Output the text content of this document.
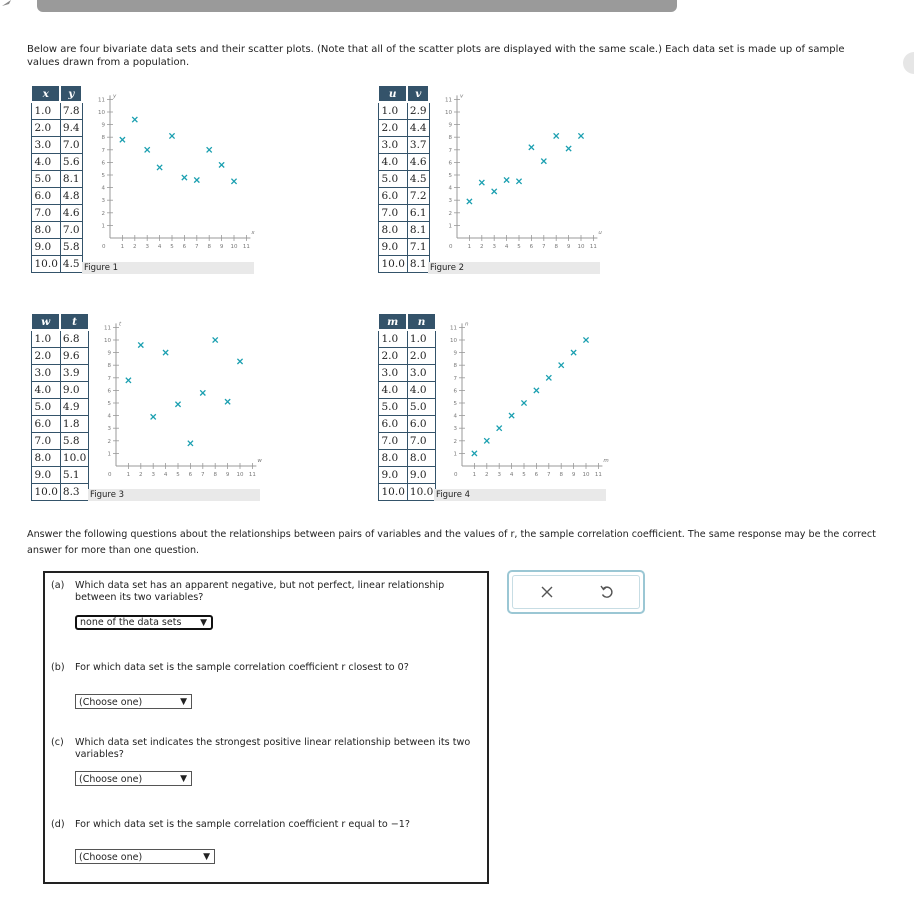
Below are four bivariate data sets and their scatter plots. (Note that all of the scatter plots are displayed with the same scale.) Each data set is made up of sample values drawn from a population.
x	y
1.0	7.8
2.0	9.4
3.0	7.0
4.0	5.6
5.0	8.1
6.0	4.8
7.0	4.6
8.0	7.0
9.0	5.8
10.0	4.5
u	v
1.0	2.9
2.0	4.4
3.0	3.7
4.0	4.6
5.0	4.5
6.0	7.2
7.0	6.1
8.0	8.1
9.0	7.1
10.0	8.1
w	t
1.0	6.8
2.0	9.6
3.0	3.9
4.0	9.0
5.0	4.9
6.0	1.8
7.0	5.8
8.0	10.0
9.0	5.1
10.0	8.3
m	n
1.0	1.0
2.0	2.0
3.0	3.0
4.0	4.0
5.0	5.0
6.0	6.0
7.0	7.0
8.0	8.0
9.0	9.0
10.0	10.0
1 2 3 4 5 6 7 8 9 10 11
1
2
3
4
5
6
7
8
9
10
11
0
x
y
1 2 3 4 5 6 7 8 9 10 11
1
2
3
4
5
6
7
8
9
10
11
0
u
v
1 2 3 4 5 6 7 8 9 10 11
1
2
3
4
5
6
7
8
9
10
11
0
w
t
1 2 3 4 5 6 7 8 9 10 11
1
2
3
4
5
6
7
8
9
10
11
0
m
n
Figure 1	Figure 2
Figure 3	Figure 4
Answer the following questions about the relationships between pairs of variables and the values of r, the sample correlation coefficient. The same response may be the correct answer for more than one question.
(a) Which data set has an apparent negative, but not perfect, linear relationship between its two variables?
none of the data sets ▼
(b) For which data set is the sample correlation coefficient r closest to 0?
(Choose one)	▼
(c) Which data set indicates the strongest positive linear relationship between its two variables?
(Choose one)	▼
(d) For which data set is the sample correlation coefficient r equal to −1?
(Choose one)	▼
